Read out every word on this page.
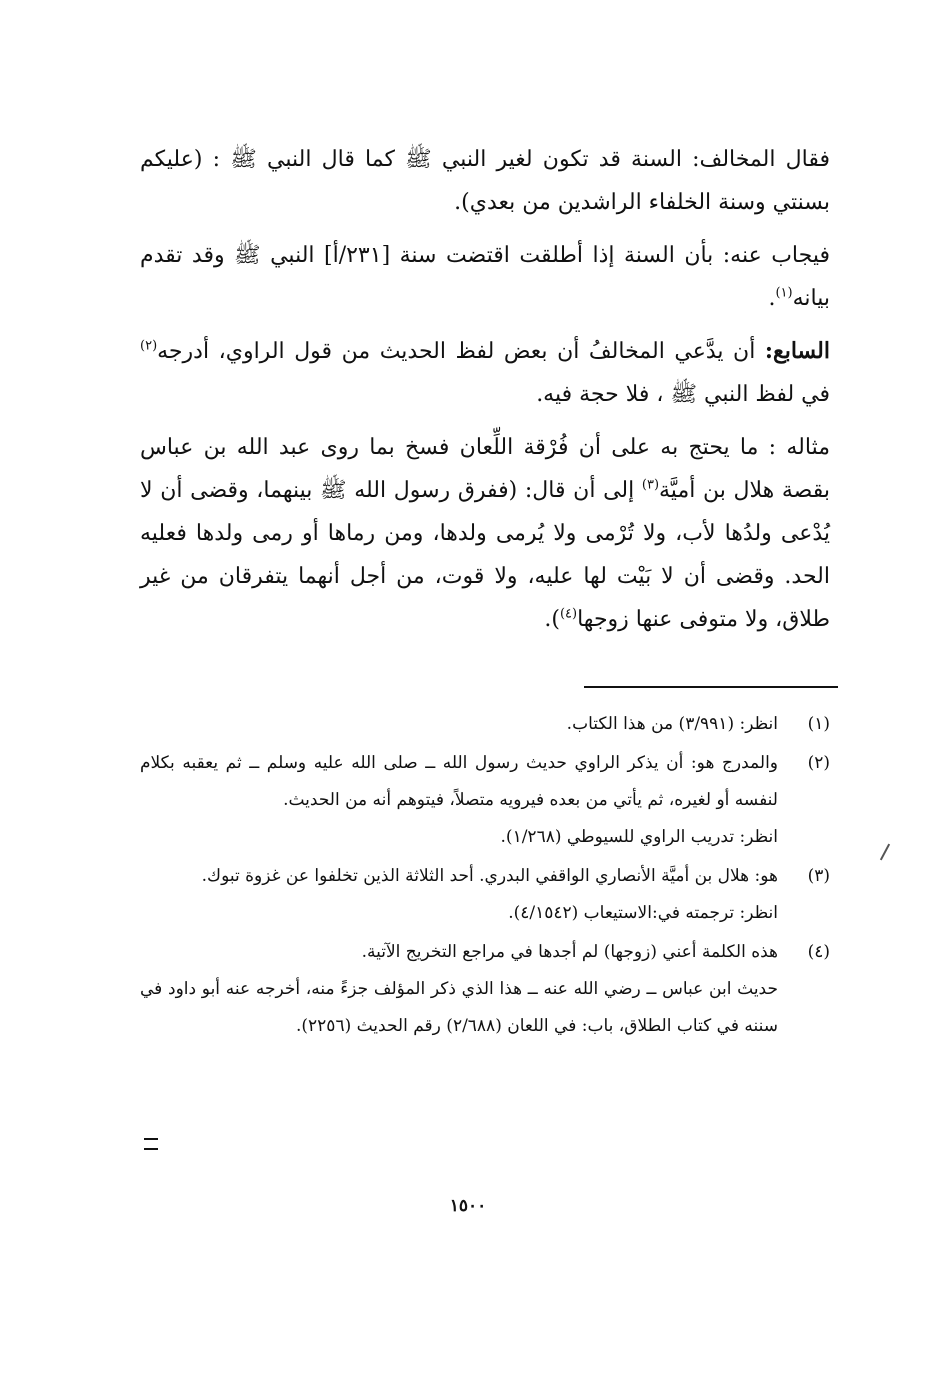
فقال المخالف: السنة قد تكون لغير النبي ﷺ كما قال النبي ﷺ : (عليكم بسنتي وسنة الخلفاء الراشدين من بعدي).

فيجاب عنه: بأن السنة إذا أطلقت اقتضت سنة [٢٣١/أ] النبي ﷺ وقد تقدم بيانه$^{(١)}$.

السابع: أن يدَّعي المخالفُ أن بعض لفظ الحديث من قول الراوي، أدرجه$^{(٢)}$ في لفظ النبي ﷺ ، فلا حجة فيه.

مثاله : ما يحتج به على أن فُرْقة اللِّعان فسخ بما روى عبد الله بن عباس بقصة هلال بن أميَّة$^{(٣)}$ إلى أن قال: (ففرق رسول الله ﷺ بينهما، وقضى أن لا يُدْعى ولدُها لأب، ولا تُرْمى ولا يُرمى ولدها، ومن رماها أو رمى ولدها فعليه الحد. وقضى أن لا بَيْت لها عليه، ولا قوت، من أجل أنهما يتفرقان من غير طلاق، ولا متوفى عنها زوجها$^{(٤)}$).

(١)

انظر: (٣/٩٩١) من هذا الكتاب.

(٢)

والمدرج هو: أن يذكر الراوي حديث رسول الله ــ صلى الله عليه وسلم ــ ثم يعقبه بكلام لنفسه أو لغيره، ثم يأتي من بعده فيرويه متصلاً، فيتوهم أنه من الحديث.

انظر: تدريب الراوي للسيوطي (١/٢٦٨).

(٣)

هو: هلال بن أميَّة الأنصاري الواقفي البدري. أحد الثلاثة الذين تخلفوا عن غزوة تبوك.

انظر: ترجمته في:الاستيعاب (٤/١٥٤٢).

(٤)

هذه الكلمة أعني (زوجها) لم أجدها في مراجع التخريج الآتية.

حديث ابن عباس ــ رضي الله عنه ــ هذا الذي ذكر المؤلف جزءً منه، أخرجه عنه أبو داود في سننه في كتاب الطلاق، باب: في اللعان (٢/٦٨٨) رقم الحديث (٢٢٥٦).

١٥٠٠
